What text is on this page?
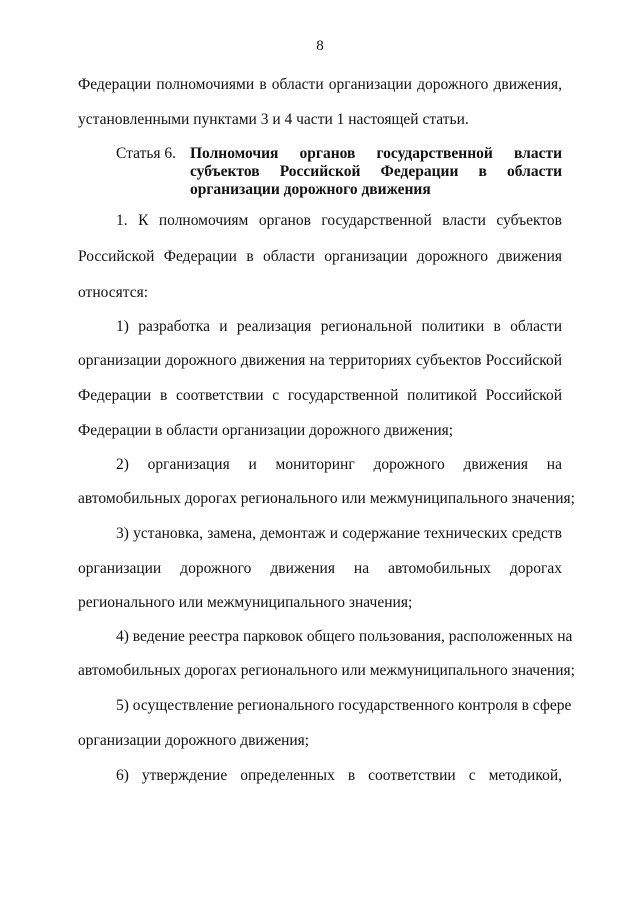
8
Федерации полномочиями в области организации дорожного движения,
установленными пунктами 3 и 4 части 1 настоящей статьи.
Статья 6. Полномочия органов государственной власти
субъектов Российской Федерации в области
организации дорожного движения
1. К полномочиям органов государственной власти субъектов
Российской Федерации в области организации дорожного движения
относятся:
1) разработка и реализация региональной политики в области
организации дорожного движения на территориях субъектов Российской
Федерации в соответствии с государственной политикой Российской
Федерации в области организации дорожного движения;
2) организация и мониторинг дорожного движения на
автомобильных дорогах регионального или межмуниципального значения;
3) установка, замена, демонтаж и содержание технических средств
организации дорожного движения на автомобильных дорогах
регионального или межмуниципального значения;
4) ведение реестра парковок общего пользования, расположенных на
автомобильных дорогах регионального или межмуниципального значения;
5) осуществление регионального государственного контроля в сфере
организации дорожного движения;
6) утверждение определенных в соответствии с методикой,
